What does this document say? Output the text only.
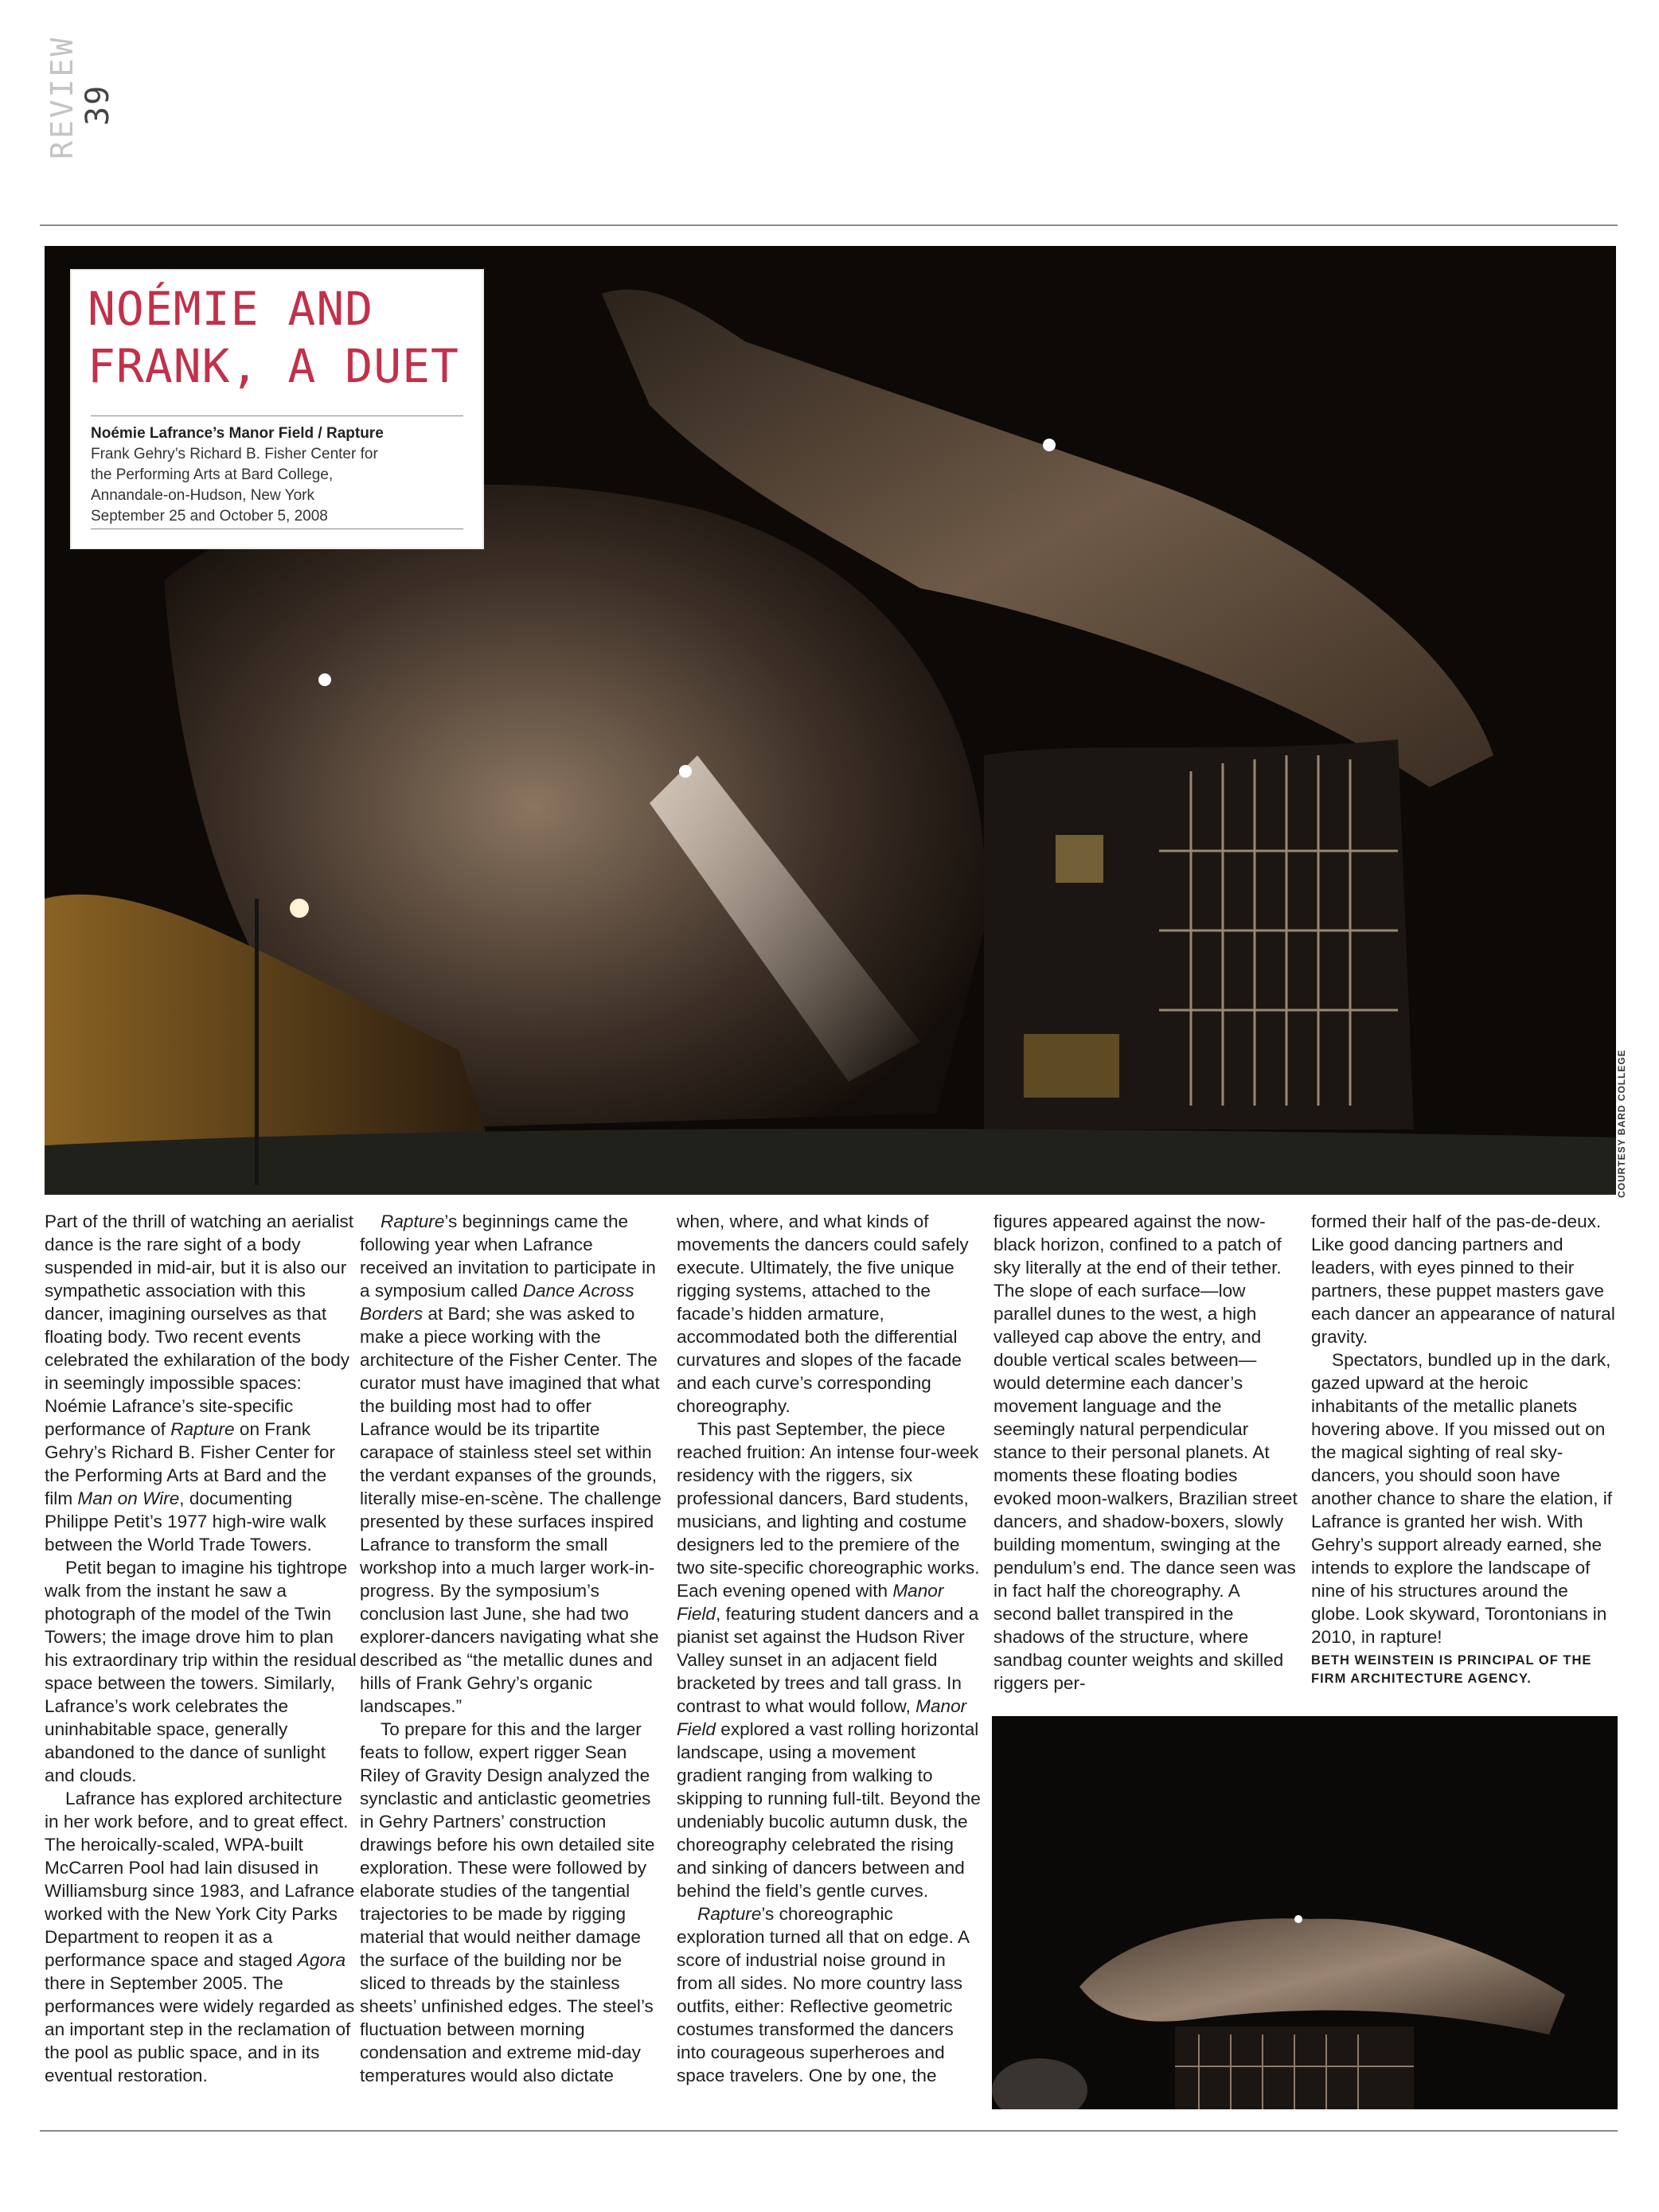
REVIEW 39
COURTESY BARD COLLEGE
NOÉMIE AND
FRANK, A DUET
Noémie Lafrance’s Manor Field / Rapture
Frank Gehry’s Richard B. Fisher Center for
the Performing Arts at Bard College,
Annandale-on-Hudson, New York
September 25 and October 5, 2008

Part of the thrill of watching an aerialist dance is the rare sight of a body suspended in mid-air, but it is also our sympathetic association with this dancer, imagining ourselves as that floating body. Two recent events celebrated the exhilaration of the body in seemingly impossible spaces: Noémie Lafrance’s site-specific performance of Rapture on Frank Gehry’s Richard B. Fisher Center for the Performing Arts at Bard and the film Man on Wire, documenting Philippe Petit’s 1977 high-wire walk between the World Trade Towers.

Petit began to imagine his tightrope walk from the instant he saw a photograph of the model of the Twin Towers; the image drove him to plan his extraordinary trip within the residual space between the towers. Similarly, Lafrance’s work celebrates the uninhabitable space, generally abandoned to the dance of sunlight and clouds.

Lafrance has explored architecture in her work before, and to great effect. The heroically-scaled, WPA-built McCarren Pool had lain disused in Williamsburg since 1983, and Lafrance worked with the New York City Parks Department to reopen it as a performance space and staged Agora there in September 2005. The performances were widely regarded as an important step in the reclamation of the pool as public space, and in its eventual restoration.

Rapture’s beginnings came the following year when Lafrance received an invitation to participate in a symposium called Dance Across Borders at Bard; she was asked to make a piece working with the architecture of the Fisher Center. The curator must have imagined that what the building most had to offer Lafrance would be its tripartite carapace of stainless steel set within the verdant expanses of the grounds, literally mise-en-scène. The challenge presented by these surfaces inspired Lafrance to transform the small workshop into a much larger work-in-progress. By the symposium’s conclusion last June, she had two explorer-dancers navigating what she described as “the metallic dunes and hills of Frank Gehry’s organic landscapes.”

To prepare for this and the larger feats to follow, expert rigger Sean Riley of Gravity Design analyzed the synclastic and anticlastic geometries in Gehry Partners’ construction drawings before his own detailed site exploration. These were followed by elaborate studies of the tangential trajectories to be made by rigging material that would neither damage the surface of the building nor be sliced to threads by the stainless sheets’ unfinished edges. The steel’s fluctuation between morning condensation and extreme mid-day temperatures would also dictate

when, where, and what kinds of movements the dancers could safely execute. Ultimately, the five unique rigging systems, attached to the facade’s hidden armature, accommodated both the differential curvatures and slopes of the facade and each curve’s corresponding choreography.

This past September, the piece reached fruition: An intense four-week residency with the riggers, six professional dancers, Bard students, musicians, and lighting and costume designers led to the premiere of the two site-specific choreographic works. Each evening opened with Manor Field, featuring student dancers and a pianist set against the Hudson River Valley sunset in an adjacent field bracketed by trees and tall grass. In contrast to what would follow, Manor Field explored a vast rolling horizontal landscape, using a movement gradient ranging from walking to skipping to running full-tilt. Beyond the undeniably bucolic autumn dusk, the choreography celebrated the rising and sinking of dancers between and behind the field’s gentle curves.

Rapture’s choreographic exploration turned all that on edge. A score of industrial noise ground in from all sides. No more country lass outfits, either: Reflective geometric costumes transformed the dancers into courageous superheroes and space travelers. One by one, the

figures appeared against the now-black horizon, confined to a patch of sky literally at the end of their tether. The slope of each surface—low parallel dunes to the west, a high valleyed cap above the entry, and double vertical scales between—would determine each dancer’s movement language and the seemingly natural perpendicular stance to their personal planets. At moments these floating bodies evoked moon-walkers, Brazilian street dancers, and shadow-boxers, slowly building momentum, swinging at the pendulum’s end. The dance seen was in fact half the choreography. A second ballet transpired in the shadows of the structure, where sandbag counter weights and skilled riggers per-

formed their half of the pas-de-deux. Like good dancing partners and leaders, with eyes pinned to their partners, these puppet masters gave each dancer an appearance of natural gravity.

Spectators, bundled up in the dark, gazed upward at the heroic inhabitants of the metallic planets hovering above. If you missed out on the magical sighting of real sky-dancers, you should soon have another chance to share the elation, if Lafrance is granted her wish. With Gehry’s support already earned, she intends to explore the landscape of nine of his structures around the globe. Look skyward, Torontonians in 2010, in rapture!

BETH WEINSTEIN IS PRINCIPAL OF THE FIRM ARCHITECTURE AGENCY.
